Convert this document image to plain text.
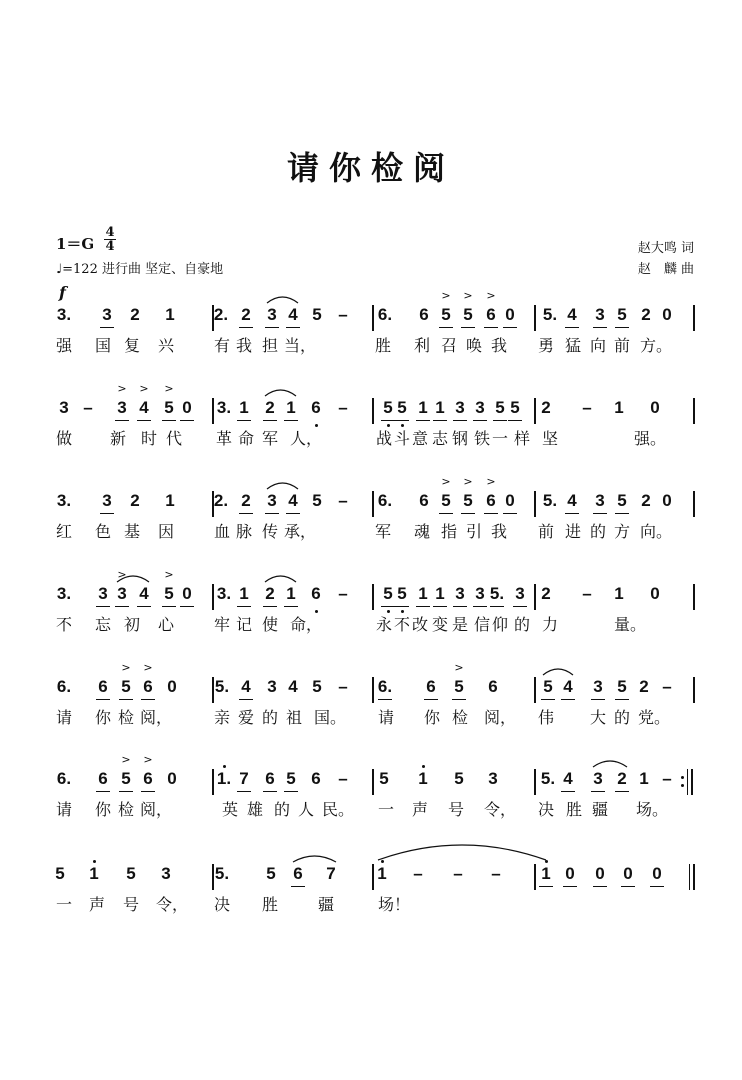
请你检阅
1＝G
4
4
♩=122 进行曲 坚定、自豪地
赵大鸣 词
赵　麟 曲
f
3. 3 2 1 2. 2 3 4 5 – 6. 6 5 5 6 0 5. 4 3 5 2 0
> > >
强 国 复 兴 有 我 担 当，	胜 利 召 唤 我 勇 猛 向 前 方。
3 – 3 4 5 0 3. 1 2 1 6 – 5 5 1 1 3 3 5 5 2 – 1 0
> > >
做 新 时 代 革 命 军 人，	战 斗 意 志 钢 铁 一 样 坚	强。
3. 3 2 1 2. 2 3 4 5 – 6. 6 5 5 6 0 5. 4 3 5 2 0
> > >
红 色 基 因 血 脉 传 承，	军 魂 指 引 我 前 进 的 方 向。
3. 3 3 4 5 0 3. 1 2 1 6 – 5 5 1 1 3 3 5. 3 2 – 1 0
>	>
不 忘 初 心 牢 记 使 命，	永 不 改 变 是 信 仰 的 力	量。
6. 6 5 6 0 5. 4 3 4 5 – 6. 6 5 6	5 4 3 5 2 –
> >	>
请 你 检 阅，	亲 爱 的 祖 国。 请 你 检 阅， 伟 大 的 党。
6. 6 5 6 0 1. 7 6 5 6 – 5 1 5 3	5. 4 3 2 1 –
> >
请 你 检 阅，	英 雄 的 人 民。 一 声 号 令， 决 胜 疆 场。
5 1 5 3	5. 5 6 7 1 – – – 1 0 0 0 0
一 声 号 令， 决 胜 疆	场！
